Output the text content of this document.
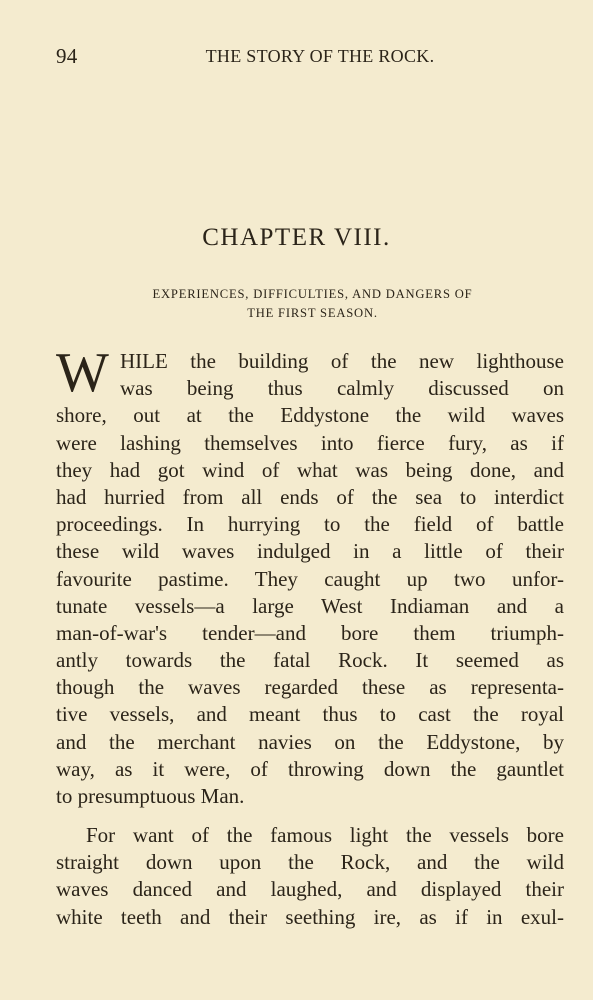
94	THE STORY OF THE ROCK.
CHAPTER VIII.
EXPERIENCES, DIFFICULTIES, AND DANGERS OF
THE FIRST SEASON.
W HILE the building of the new lighthouse
was being thus calmly discussed on
shore, out at the Eddystone the wild waves
were lashing themselves into fierce fury, as if
they had got wind of what was being done, and
had hurried from all ends of the sea to interdict
proceedings. In hurrying to the field of battle
these wild waves indulged in a little of their
favourite pastime. They caught up two unfor-
tunate vessels—a large West Indiaman and a
man-of-war's tender—and bore them triumph-
antly towards the fatal Rock. It seemed as
though the waves regarded these as representa-
tive vessels, and meant thus to cast the royal
and the merchant navies on the Eddystone, by
way, as it were, of throwing down the gauntlet
to presumptuous Man.
For want of the famous light the vessels bore
straight down upon the Rock, and the wild
waves danced and laughed, and displayed their
white teeth and their seething ire, as if in exul-
